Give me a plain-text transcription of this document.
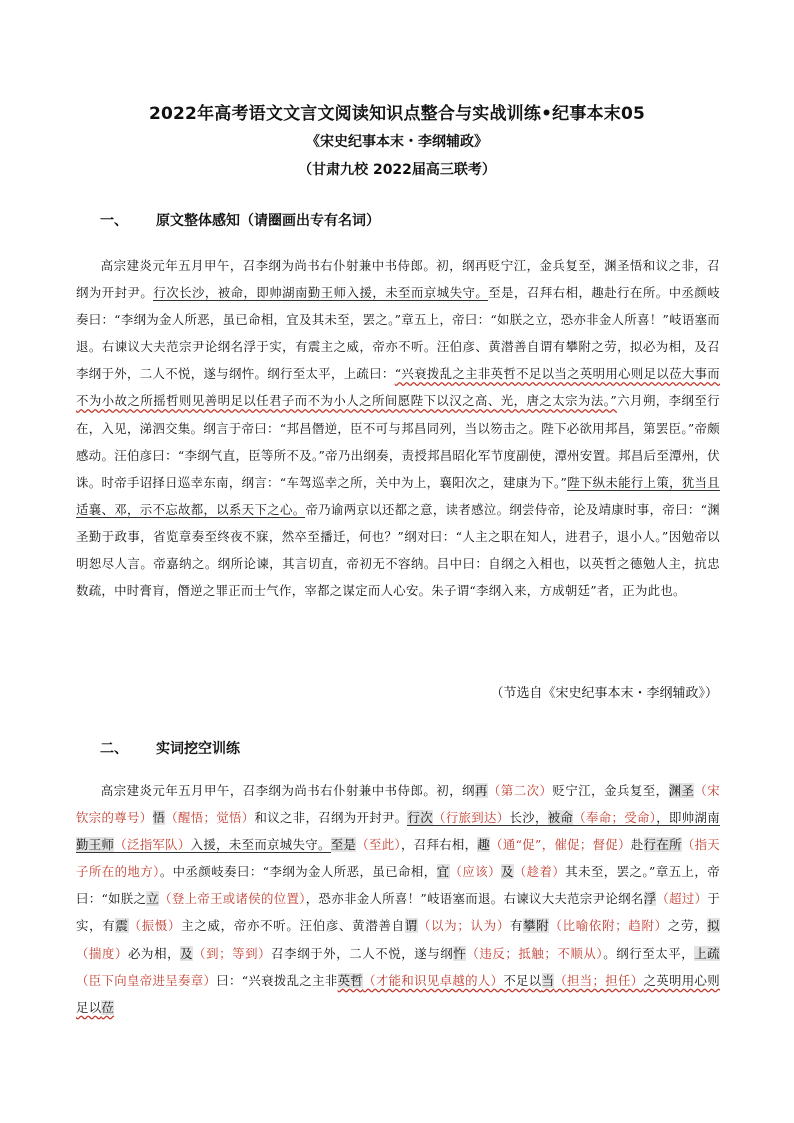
2022年高考语文文言文阅读知识点整合与实战训练•纪事本末05
《宋史纪事本末・李纲辅政》
（甘肃九校 2022届高三联考）
一、 原文整体感知（请圈画出专有名词）

高宗建炎元年五月甲午，召李纲为尚书右仆射兼中书侍郎。初，纲再贬宁江，金兵复至，渊圣悟和议之非，召纲为开封尹。行次长沙，被命，即帅湖南勤王师入援，未至而京城失守。至是，召拜右相，趣赴行在所。中丞颜岐奏曰：“李纲为金人所恶，虽已命相，宜及其未至，罢之。”章五上，帝曰：“如朕之立，恐亦非金人所喜！”岐语塞而退。右谏议大夫范宗尹论纲名浮于实，有震主之威，帝亦不听。汪伯彦、黄潜善自谓有攀附之劳，拟必为相，及召李纲于外，二人不悦，遂与纲忤。纲行至太平，上疏曰：“兴衰拨乱之主非英哲不足以当之英明用心则足以莅大事而不为小故之所摇哲则见善明足以任君子而不为小人之所间愿陛下以汉之高、光，唐之太宗为法。”六月朔，李纲至行在，入见，涕泗交集。纲言于帝曰：“邦昌僭逆，臣不可与邦昌同列，当以笏击之。陛下必欲用邦昌，第罢臣。”帝颇感动。汪伯彦曰：“李纲气直，臣等所不及。”帝乃出纲奏，责授邦昌昭化军节度副使，潭州安置。邦昌后至潭州，伏诛。时帝手诏择日巡幸东南，纲言：“车驾巡幸之所，关中为上，襄阳次之，建康为下。”陛下纵未能行上策，犹当且适襄、邓，示不忘故都，以系天下之心。帝乃谕两京以还都之意，读者感泣。纲尝侍帝，论及靖康时事，帝曰：“渊圣勤于政事，省览章奏至终夜不寐，然卒至播迁，何也？”纲对曰：“人主之职在知人，进君子，退小人。”因勉帝以明恕尽人言。帝嘉纳之。纲所论谏，其言切直，帝初无不容纳。吕中曰：自纲之入相也，以英哲之德勉人主，抗忠数疏，中时膏肓，僭逆之罪正而士气作，宰都之谋定而人心安。朱子谓“李纲入来，方成朝廷”者，正为此也。

（节选自《宋史纪事本末・李纲辅政》）
二、 实词挖空训练

高宗建炎元年五月甲午，召李纲为尚书右仆射兼中书侍郎。初，纲再（第二次）贬宁江，金兵复至，渊圣（宋钦宗的尊号）悟（醒悟；觉悟）和议之非，召纲为开封尹。行次（行旅到达）长沙，被命（奉命；受命），即帅湖南勤王师（泛指军队）入援，未至而京城失守。至是（至此），召拜右相，趣（通“促”，催促；督促）赴行在所（指天子所在的地方）。中丞颜岐奏曰：“李纲为金人所恶，虽已命相，宜（应该）及（趁着）其未至，罢之。”章五上，帝曰：“如朕之立（登上帝王或诸侯的位置），恐亦非金人所喜！”岐语塞而退。右谏议大夫范宗尹论纲名浮（超过）于实，有震（振慑）主之威，帝亦不听。汪伯彦、黄潜善自谓（以为；认为）有攀附（比喻依附；趋附）之劳，拟（揣度）必为相，及（到；等到）召李纲于外，二人不悦，遂与纲忤（违反；抵触；不顺从）。纲行至太平，上疏（臣下向皇帝进呈奏章）曰：“兴衰拨乱之主非英哲（才能和识见卓越的人）不足以当（担当；担任）之英明用心则足以莅
